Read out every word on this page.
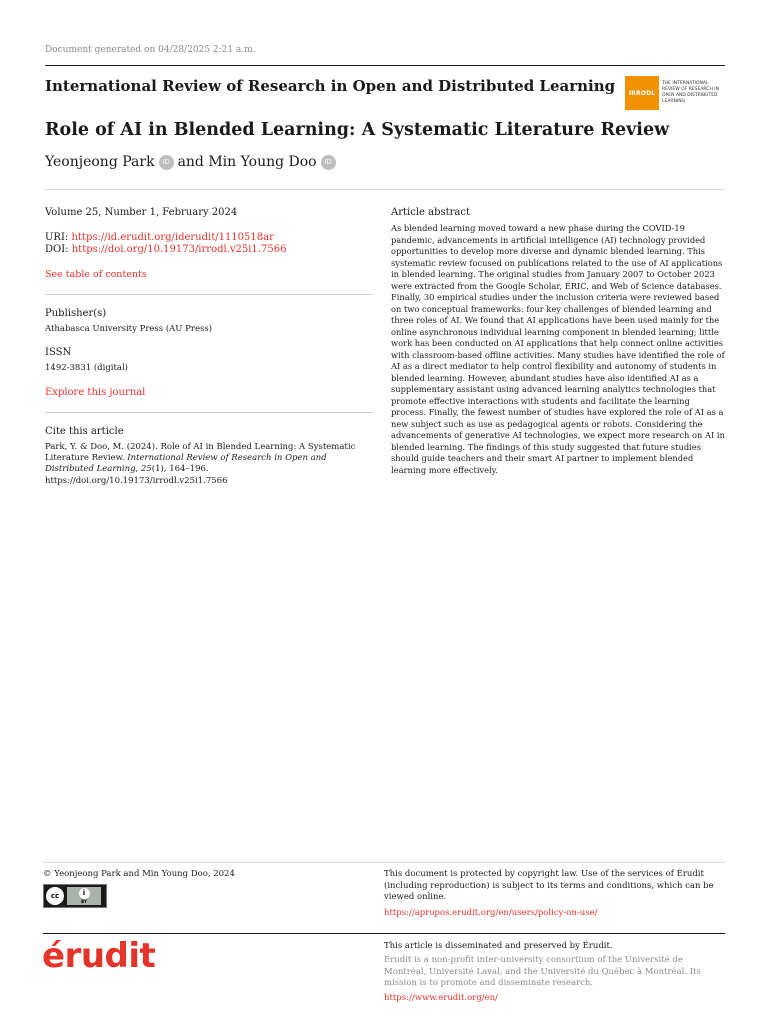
Document generated on 04/28/2025 2:21 a.m.
International Review of Research in Open and Distributed Learning	IRRODL
THE INTERNATIONAL REVIEW OF RESEARCH IN OPEN AND DISTRIBUTED LEARNING
Role of AI in Blended Learning: A Systematic Literature Review
Yeonjeong Park	iD and
Min Young Doo	iD
Volume 25, Number 1, February 2024
URI: https://id.erudit.org/iderudit/1110518ar
DOI: https://doi.org/10.19173/irrodl.v25i1.7566
See table of contents
Publisher(s)
Athabasca University Press (AU Press)
ISSN
1492-3831 (digital)
Explore this journal
Cite this article
Park, Y. & Doo, M. (2024). Role of AI in Blended Learning: A Systematic Literature Review. International Review of Research in Open and Distributed Learning, 25(1), 164–196. https://doi.org/10.19173/irrodl.v25i1.7566
Article abstract
As blended learning moved toward a new phase during the COVID-19 pandemic, advancements in artificial intelligence (AI) technology provided opportunities to develop more diverse and dynamic blended learning. This systematic review focused on publications related to the use of AI applications in blended learning. The original studies from January 2007 to October 2023 were extracted from the Google Scholar, ERIC, and Web of Science databases. Finally, 30 empirical studies under the inclusion criteria were reviewed based on two conceptual frameworks: four key challenges of blended learning and three roles of AI. We found that AI applications have been used mainly for the online asynchronous individual learning component in blended learning; little work has been conducted on AI applications that help connect online activities with classroom-based offline activities. Many studies have identified the role of AI as a direct mediator to help control flexibility and autonomy of students in blended learning. However, abundant studies have also identified AI as a supplementary assistant using advanced learning analytics technologies that promote effective interactions with students and facilitate the learning process. Finally, the fewest number of studies have explored the role of AI as a new subject such as use as pedagogical agents or robots. Considering the advancements of generative AI technologies, we expect more research on AI in blended learning. The findings of this study suggested that future studies should guide teachers and their smart AI partner to implement blended learning more effectively.
© Yeonjeong Park and Min Young Doo, 2024
cc	i
BY
This document is protected by copyright law. Use of the services of Érudit (including reproduction) is subject to its terms and conditions, which can be viewed online.
https://apropos.erudit.org/en/users/policy-on-use/
érudit	This article is disseminated and preserved by Érudit.
Érudit is a non-profit inter-university consortium of the Université de Montréal, Université Laval, and the Université du Québec à Montréal. Its mission is to promote and disseminate research.
https://www.erudit.org/en/
